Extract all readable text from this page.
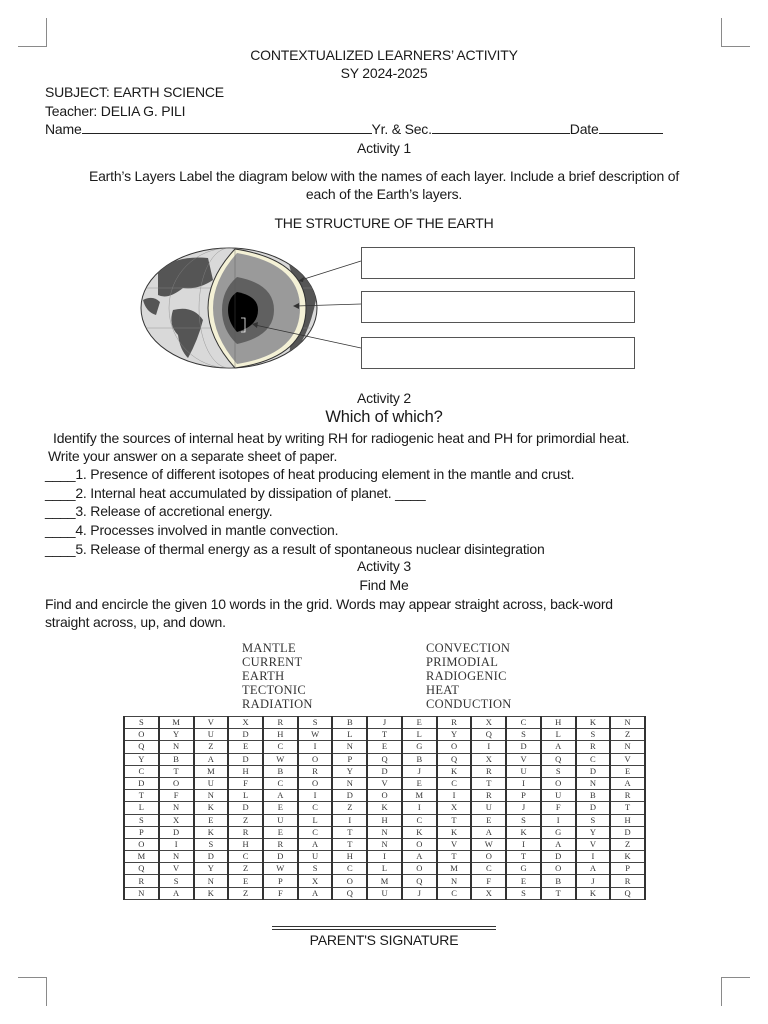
CONTEXTUALIZED LEARNERS’ ACTIVITY
SY 2024-2025
SUBJECT: EARTH SCIENCE
Teacher: DELIA G. PILI
Name	Yr. & Sec.	Date
Activity 1
Earth’s Layers Label the diagram below with the names of each layer. Include a brief description of
each of the Earth’s layers.
THE STRUCTURE OF THE EARTH
Activity 2
Which of which?
Identify the sources of internal heat by writing RH for radiogenic heat and PH for primordial heat.
Write your answer on a separate sheet of paper.
____1. Presence of different isotopes of heat producing element in the mantle and crust.
____2. Internal heat accumulated by dissipation of planet. ____
____3. Release of accretional energy.
____4. Processes involved in mantle convection.
____5. Release of thermal energy as a result of spontaneous nuclear disintegration
Activity 3
Find Me
Find and encircle the given 10 words in the grid. Words may appear straight across, back-word
straight across, up, and down.
MANTLE
CURRENT
EARTH
TECTONIC
RADIATION
CONVECTION
PRIMODIAL
RADIOGENIC
HEAT
CONDUCTION
S	M	V	X	R	S	B	J	E	R	X	C	H	K	N
O	Y	U	D	H	W	L	T	L	Y	Q	S	L	S	Z
Q	N	Z	E	C	I	N	E	G	O	I	D	A	R	N
Y	B	A	D	W	O	P	Q	B	Q	X	V	Q	C	V
C	T	M	H	B	R	Y	D	J	K	R	U	S	D	E
D	O	U	F	C	O	N	V	E	C	T	I	O	N	A
T	F	N	L	A	I	D	O	M	I	R	P	U	B	R
L	N	K	D	E	C	Z	K	I	X	U	J	F	D	T
S	X	E	Z	U	L	I	H	C	T	E	S	I	S	H
P	D	K	R	E	C	T	N	K	K	A	K	G	Y	D
O	I	S	H	R	A	T	N	O	V	W	I	A	V	Z
M	N	D	C	D	U	H	I	A	T	O	T	D	I	K
Q	V	Y	Z	W	S	C	L	O	M	C	G	O	A	P
R	S	N	E	P	X	O	M	Q	N	F	E	B	J	R
N	A	K	Z	F	A	Q	U	J	C	X	S	T	K	Q
PARENT'S SIGNATURE
